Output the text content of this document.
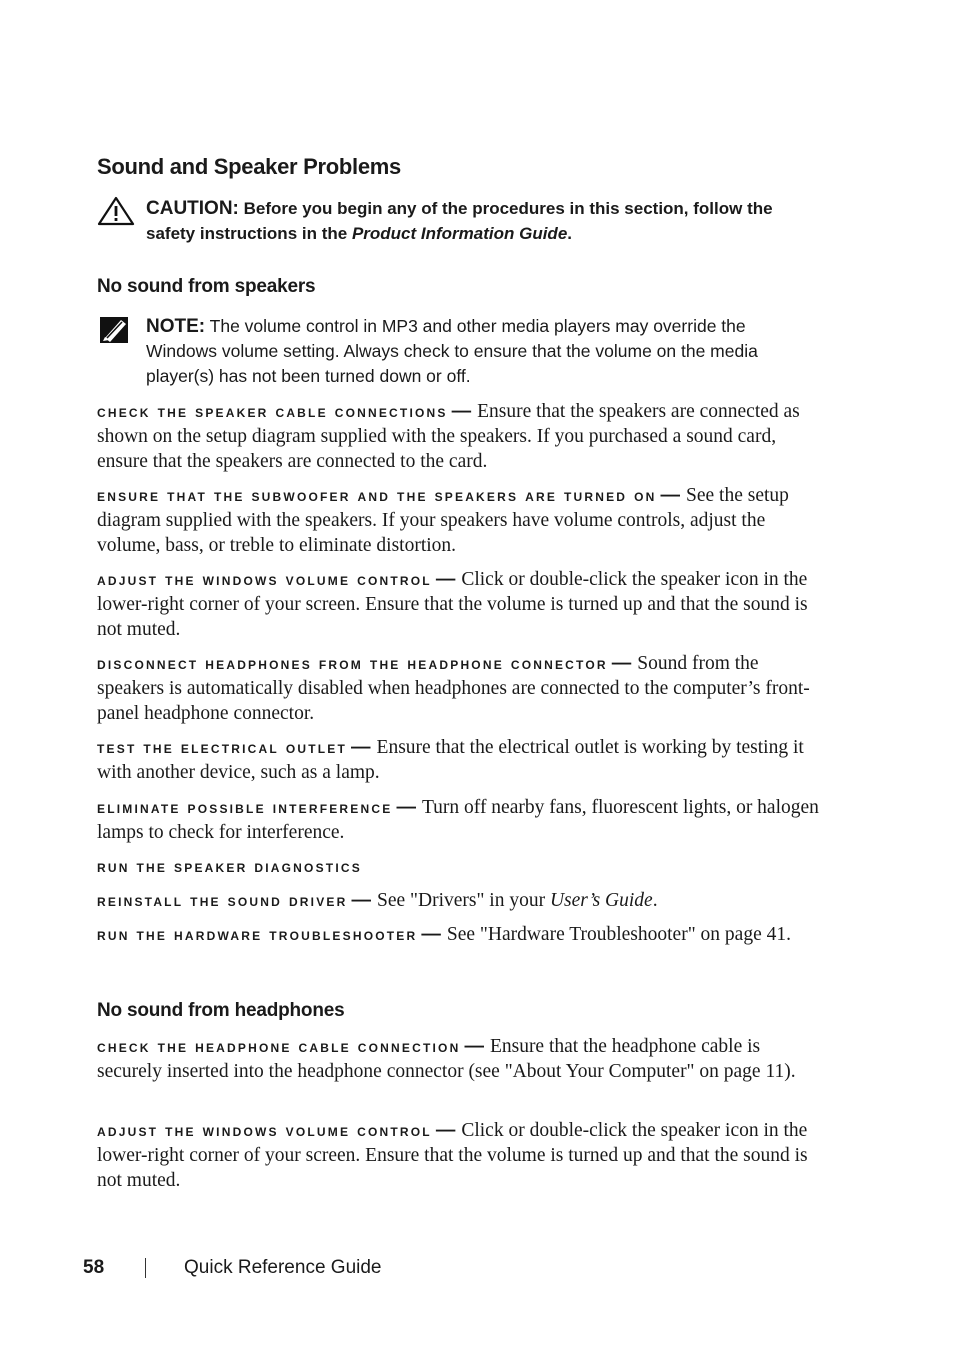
Sound and Speaker Problems
CAUTION: Before you begin any of the procedures in this section, follow the safety instructions in the Product Information Guide.
No sound from speakers
NOTE: The volume control in MP3 and other media players may override the Windows volume setting. Always check to ensure that the volume on the media player(s) has not been turned down or off.

check the speaker cable connections — Ensure that the speakers are connected as shown on the setup diagram supplied with the speakers. If you purchased a sound card, ensure that the speakers are connected to the card.

ensure that the subwoofer and the speakers are turned on — See the setup diagram supplied with the speakers. If your speakers have volume controls, adjust the volume, bass, or treble to eliminate distortion.

adjust the windows volume control — Click or double-click the speaker icon in the lower-right corner of your screen. Ensure that the volume is turned up and that the sound is not muted.

disconnect headphones from the headphone connector — Sound from the speakers is automatically disabled when headphones are connected to the computer’s front-panel headphone connector.

test the electrical outlet — Ensure that the electrical outlet is working by testing it with another device, such as a lamp.

eliminate possible interference — Turn off nearby fans, fluorescent lights, or halogen lamps to check for interference.

run the speaker diagnostics

reinstall the sound driver — See "Drivers" in your User’s Guide.

run the hardware troubleshooter — See "Hardware Troubleshooter" on page 41.

No sound from headphones

check the headphone cable connection — Ensure that the headphone cable is securely inserted into the headphone connector (see "About Your Computer" on page 11).

adjust the windows volume control — Click or double-click the speaker icon in the lower-right corner of your screen. Ensure that the volume is turned up and that the sound is not muted.

58	Quick Reference Guide
